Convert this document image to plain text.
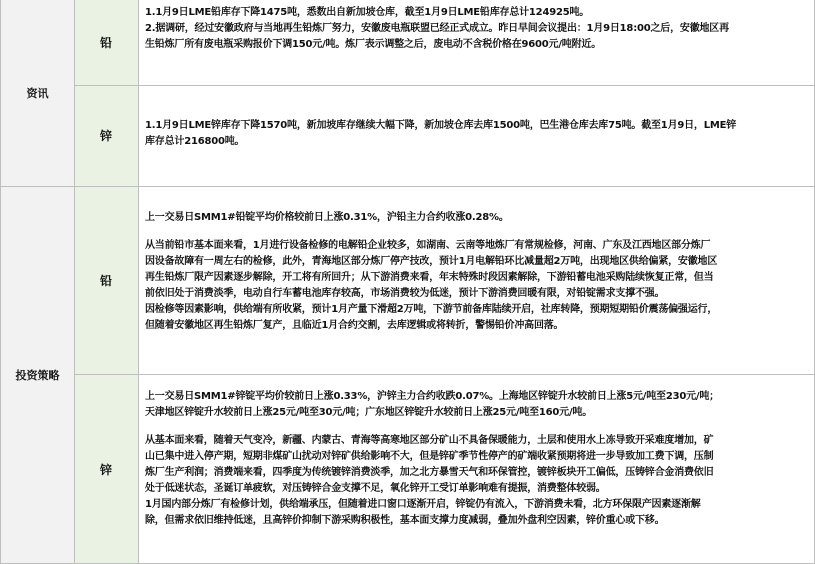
资讯
投资策略
铅
锌
铅
锌

1.1月9日LME铅库存下降1475吨，悉数出自新加坡仓库，截至1月9日LME铅库存总计124925吨。

2.据调研，经过安徽政府与当地再生铅炼厂努力，安徽废电瓶联盟已经正式成立。昨日早间会议提出：1月9日18:00之后，安徽地区再

生铅炼厂所有废电瓶采购报价下调150元/吨。炼厂表示调整之后，废电动不含税价格在9600元/吨附近。

1.1月9日LME锌库存下降1570吨，新加坡库存继续大幅下降，新加坡仓库去库1500吨，巴生港仓库去库75吨。截至1月9日，LME锌

库存总计216800吨。

上一交易日SMM1#铅锭平均价格较前日上涨0.31%，沪铅主力合约收涨0.28%。

从当前铅市基本面来看，1月进行设备检修的电解铅企业较多，如湖南、云南等地炼厂有常规检修，河南、广东及江西地区部分炼厂

因设备故障有一周左右的检修，此外，青海地区部分炼厂停产技改，预计1月电解铅环比减量超2万吨，出现地区供给偏紧，安徽地区

再生铅炼厂限产因素逐步解除，开工将有所回升；从下游消费来看，年末特殊时段因素解除，下游铅蓄电池采购陆续恢复正常，但当

前依旧处于消费淡季，电动自行车蓄电池库存较高，市场消费较为低迷，预计下游消费回暖有限，对铅锭需求支撑不强。

因检修等因素影响，供给端有所收紧，预计1月产量下滑超2万吨，下游节前备库陆续开启，社库转降，预期短期铅价震荡偏强运行，

但随着安徽地区再生铅炼厂复产，且临近1月合约交割，去库逻辑或将转折，警惕铅价冲高回落。

上一交易日SMM1#锌锭平均价较前日上涨0.33%，沪锌主力合约收跌0.07%。上海地区锌锭升水较前日上涨5元/吨至230元/吨；

天津地区锌锭升水较前日上涨25元/吨至30元/吨；广东地区锌锭升水较前日上涨25元/吨至160元/吨。

从基本面来看，随着天气变冷，新疆、内蒙古、青海等高寒地区部分矿山不具备保暖能力，土层和使用水上冻导致开采难度增加，矿

山已集中进入停产期，短期非煤矿山扰动对锌矿供给影响不大，但是锌矿季节性停产的矿端收紧预期将进一步导致加工费下调，压制

炼厂生产利润；消费端来看，四季度为传统镀锌消费淡季，加之北方暴雪天气和环保管控，镀锌板块开工偏低，压铸锌合金消费依旧

处于低迷状态，圣诞订单疲软，对压铸锌合金支撑不足，氧化锌开工受订单影响难有提振，消费整体较弱。

1月国内部分炼厂有检修计划，供给端承压，但随着进口窗口逐渐开启，锌锭仍有流入，下游消费未看，北方环保限产因素逐渐解

除，但需求依旧维持低迷，且高锌价抑制下游采购积极性，基本面支撑力度减弱，叠加外盘利空因素，锌价重心或下移。
